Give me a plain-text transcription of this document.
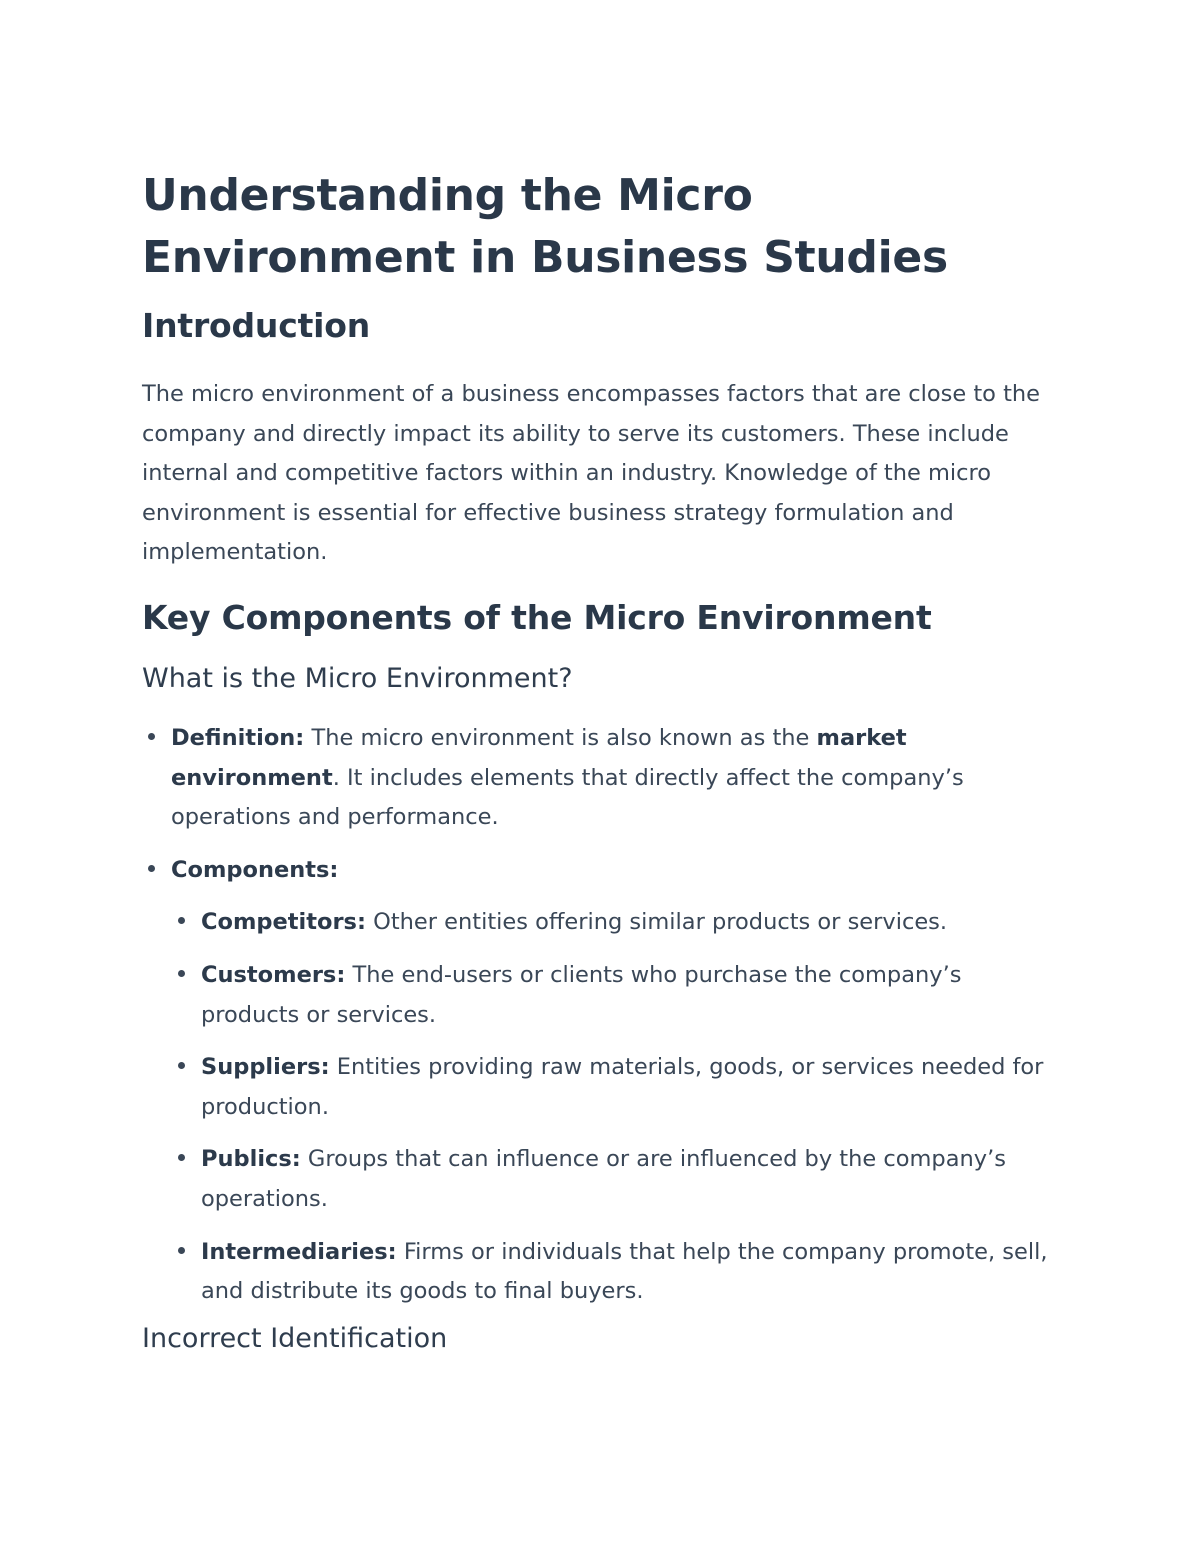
Understanding the Micro Environment in Business Studies
Introduction

The micro environment of a business encompasses factors that are close to the company and directly impact its ability to serve its customers. These include internal and competitive factors within an industry. Knowledge of the micro environment is essential for effective business strategy formulation and implementation.

Key Components of the Micro Environment
What is the Micro Environment?
Definition: The micro environment is also known as the market environment. It includes elements that directly affect the company’s operations and performance.
Components:
Competitors: Other entities offering similar products or services.
Customers: The end-users or clients who purchase the company’s products or services.
Suppliers: Entities providing raw materials, goods, or services needed for production.
Publics: Groups that can influence or are influenced by the company’s operations.
Intermediaries: Firms or individuals that help the company promote, sell, and distribute its goods to final buyers.
Incorrect Identification
